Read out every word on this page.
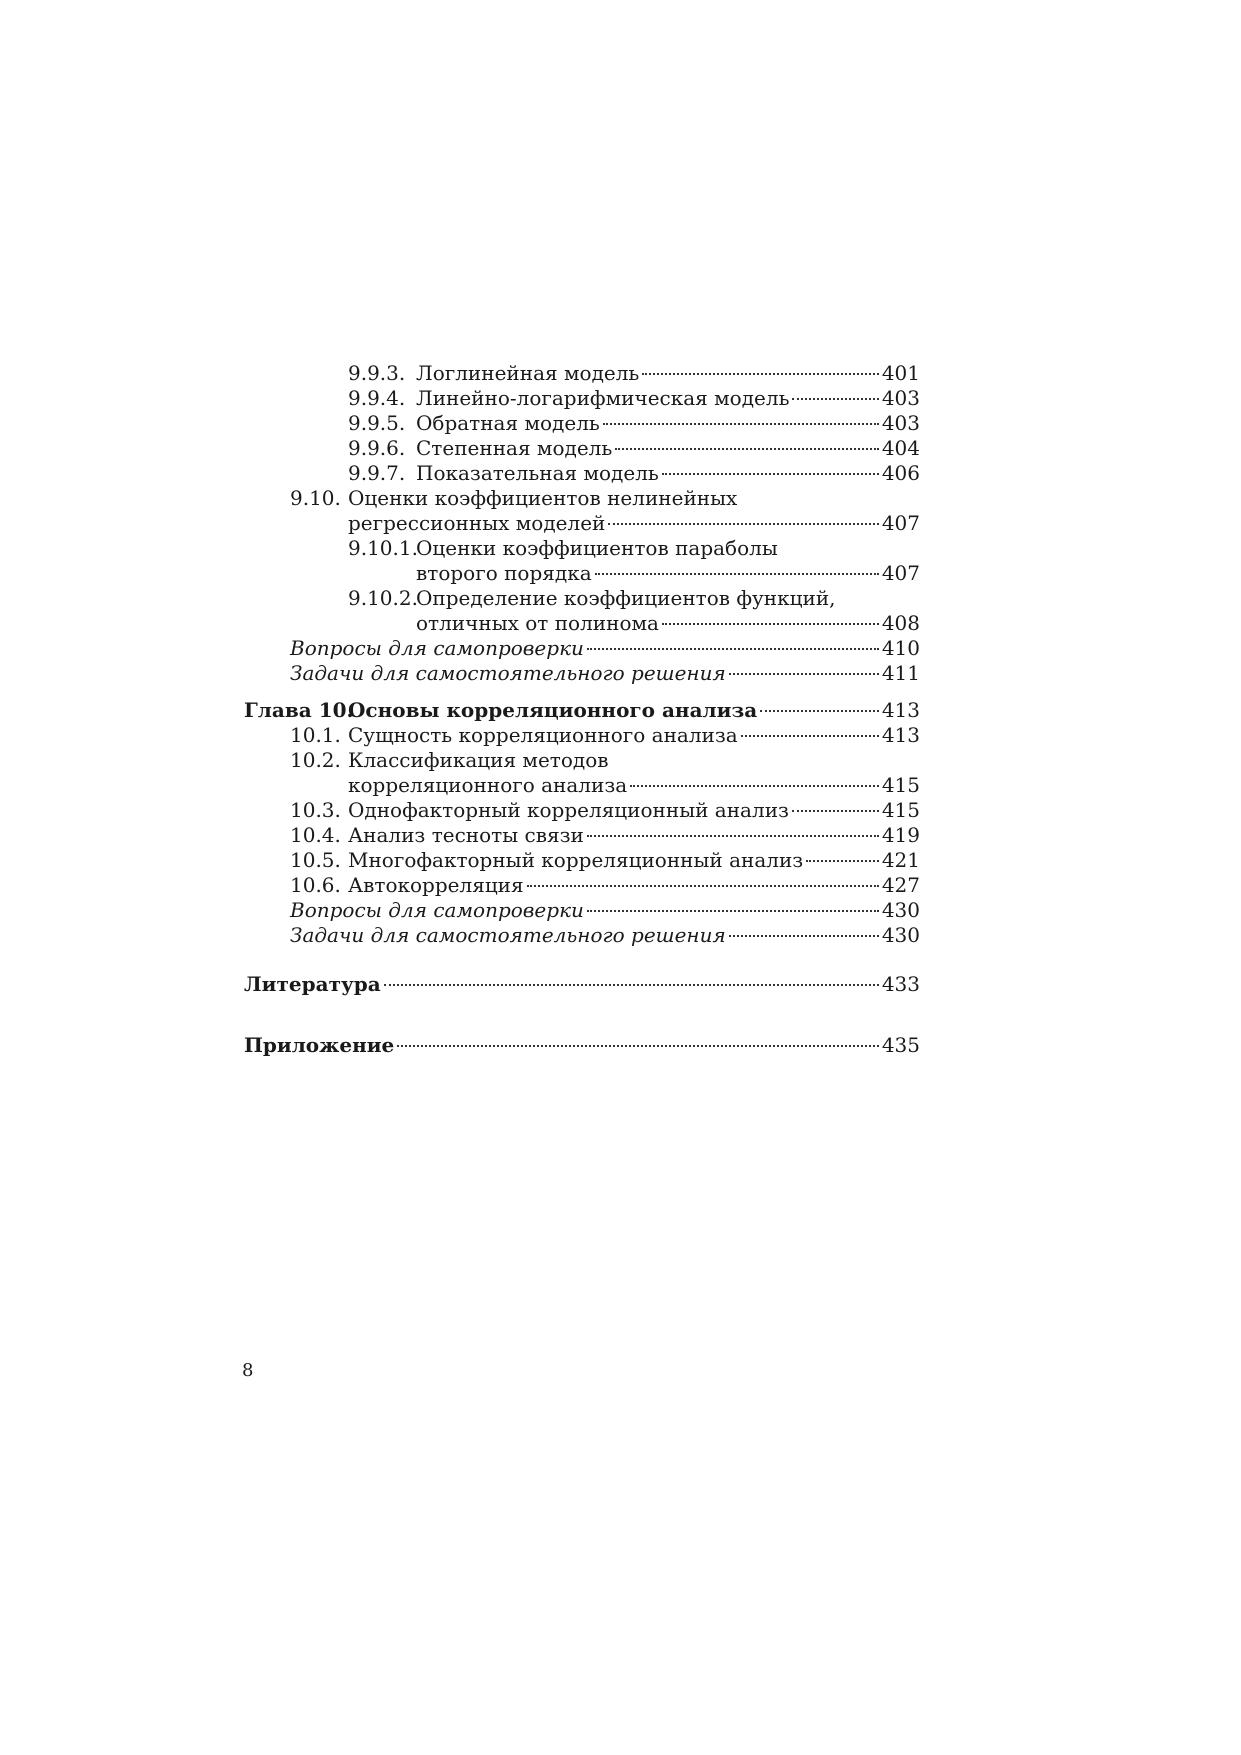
9.9.3. Логлинейная модель	401
9.9.4. Линейно-логарифмическая модель	403
9.9.5. Обратная модель	403
9.9.6. Степенная модель	404
9.9.7. Показательная модель	406
9.10. Оценки коэффициентов нелинейных
регрессионных моделей	407
9.10.1.
Оценки коэффициентов параболы
второго порядка	407
9.10.2.
Определение коэффициентов функций,
отличных от полинома	408
Вопросы для самопроверки	410
Задачи для самостоятельного решения	411
Глава 10.
Основы корреляционного анализа	413
10.1. Сущность корреляционного анализа	413
10.2. Классификация методов
корреляционного анализа	415
10.3. Однофакторный корреляционный анализ	415
10.4. Анализ тесноты связи	419
10.5. Многофакторный корреляционный анализ	421
10.6. Автокорреляция	427
Вопросы для самопроверки	430
Задачи для самостоятельного решения	430
Литература	433
Приложение	435
8
